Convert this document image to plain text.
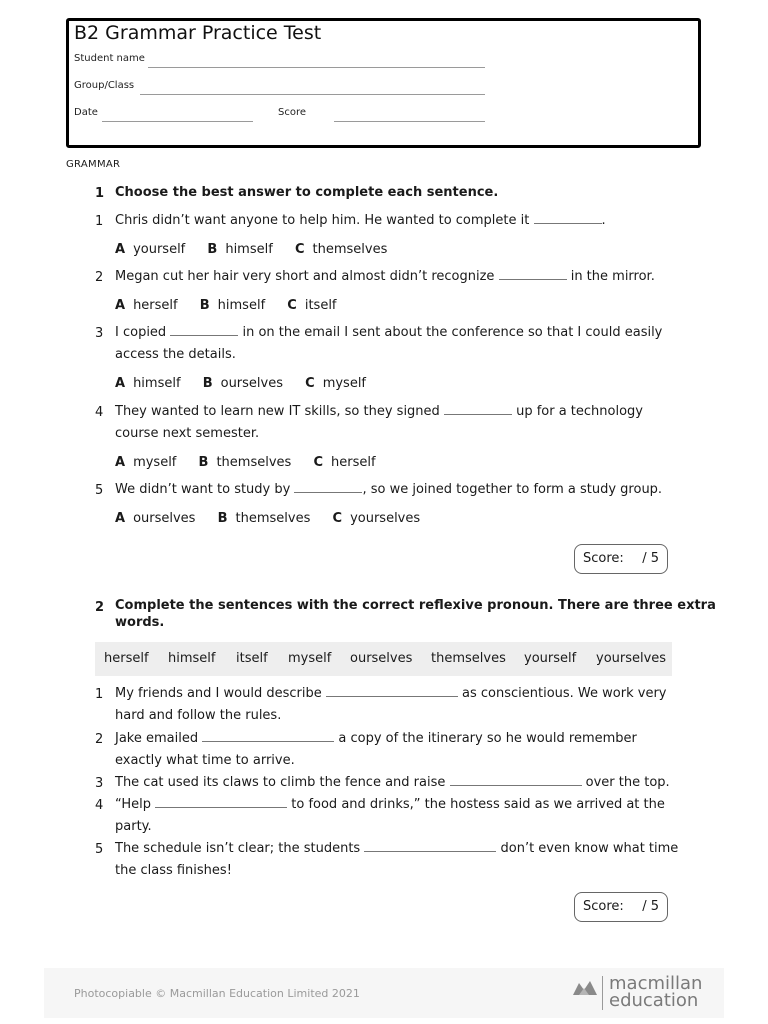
B2 Grammar Practice Test
Student name
Group/Class
Date	Score
GRAMMAR
1 Choose the best answer to complete each sentence.
1 Chris didn’t want anyone to help him. He wanted to complete it	.
A yourself B himself C themselves
2 Megan cut her hair very short and almost didn’t recognize	in the mirror.
A herself B himself C itself
3 I copied	in on the email I sent about the conference so that I could easily
access the details.
A himself B ourselves C myself
4 They wanted to learn new IT skills, so they signed	up for a technology
course next semester.
A myself B themselves C herself
5 We didn’t want to study by	, so we joined together to form a study group.
A ourselves B themselves C yourselves
Score: / 5
2 Complete the sentences with the correct reflexive pronoun. There are three extra
words.
herself himself itself myself ourselves themselves yourself yourselves
1 My friends and I would describe	as conscientious. We work very
hard and follow the rules.
2 Jake emailed	a copy of the itinerary so he would remember
exactly what time to arrive.
3 The cat used its claws to climb the fence and raise	over the top.
4 “Help	to food and drinks,” the hostess said as we arrived at the
party.
5 The schedule isn’t clear; the students	don’t even know what time
the class finishes!
Score: / 5
Photocopiable © Macmillan Education Limited 2021	macmillan
education
